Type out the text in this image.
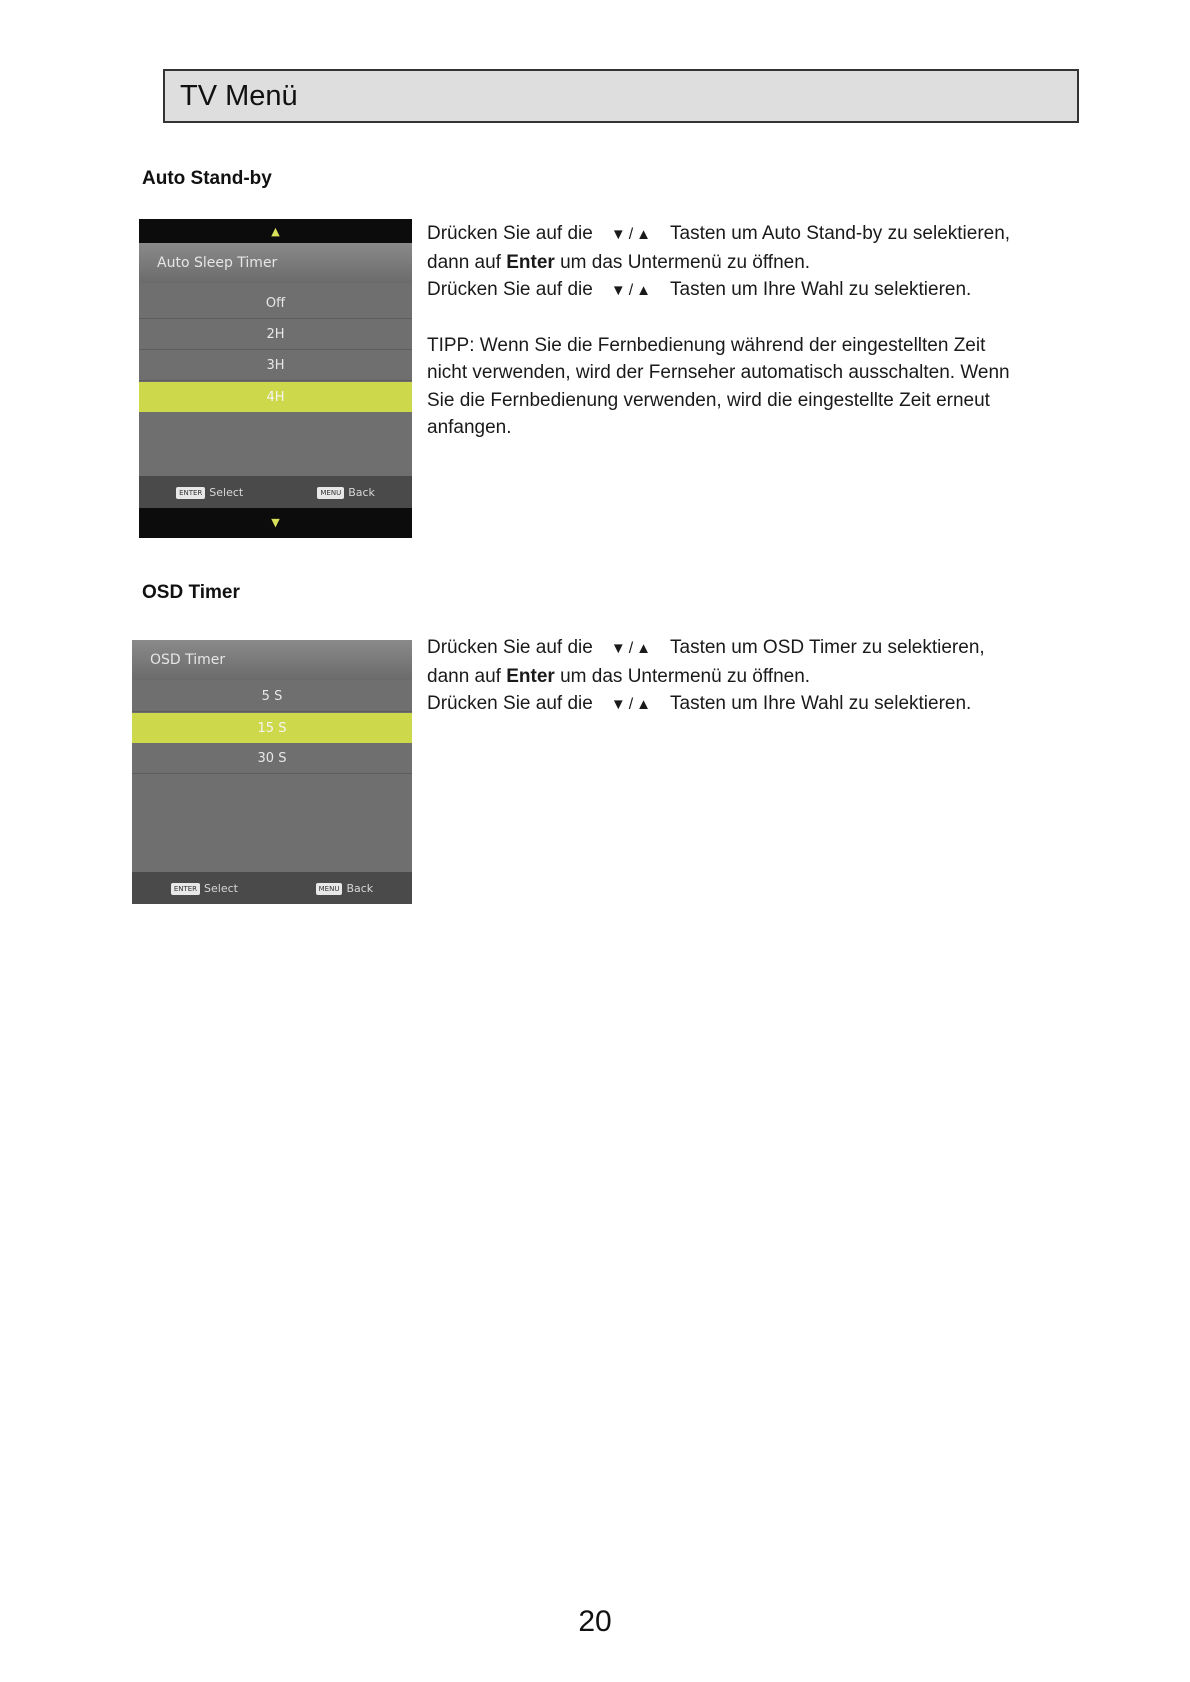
TV Menü
Auto Stand-by
▲
Auto Sleep Timer
Off
2H
3H
4H
ENTER Select	MENU Back
▼
Drücken Sie auf die ▼ / ▲ Tasten um Auto Stand-by zu selektieren,
dann auf Enter um das Untermenü zu öffnen.
Drücken Sie auf die ▼ / ▲ Tasten um Ihre Wahl zu selektieren.
TIPP: Wenn Sie die Fernbedienung während der eingestellten Zeit
nicht verwenden, wird der Fernseher automatisch ausschalten. Wenn
Sie die Fernbedienung verwenden, wird die eingestellte Zeit erneut
anfangen.
OSD Timer
OSD Timer
5 S
15 S
30 S
ENTER Select	MENU Back
Drücken Sie auf die ▼ / ▲ Tasten um OSD Timer zu selektieren,
dann auf Enter um das Untermenü zu öffnen.
Drücken Sie auf die ▼ / ▲ Tasten um Ihre Wahl zu selektieren.
20
